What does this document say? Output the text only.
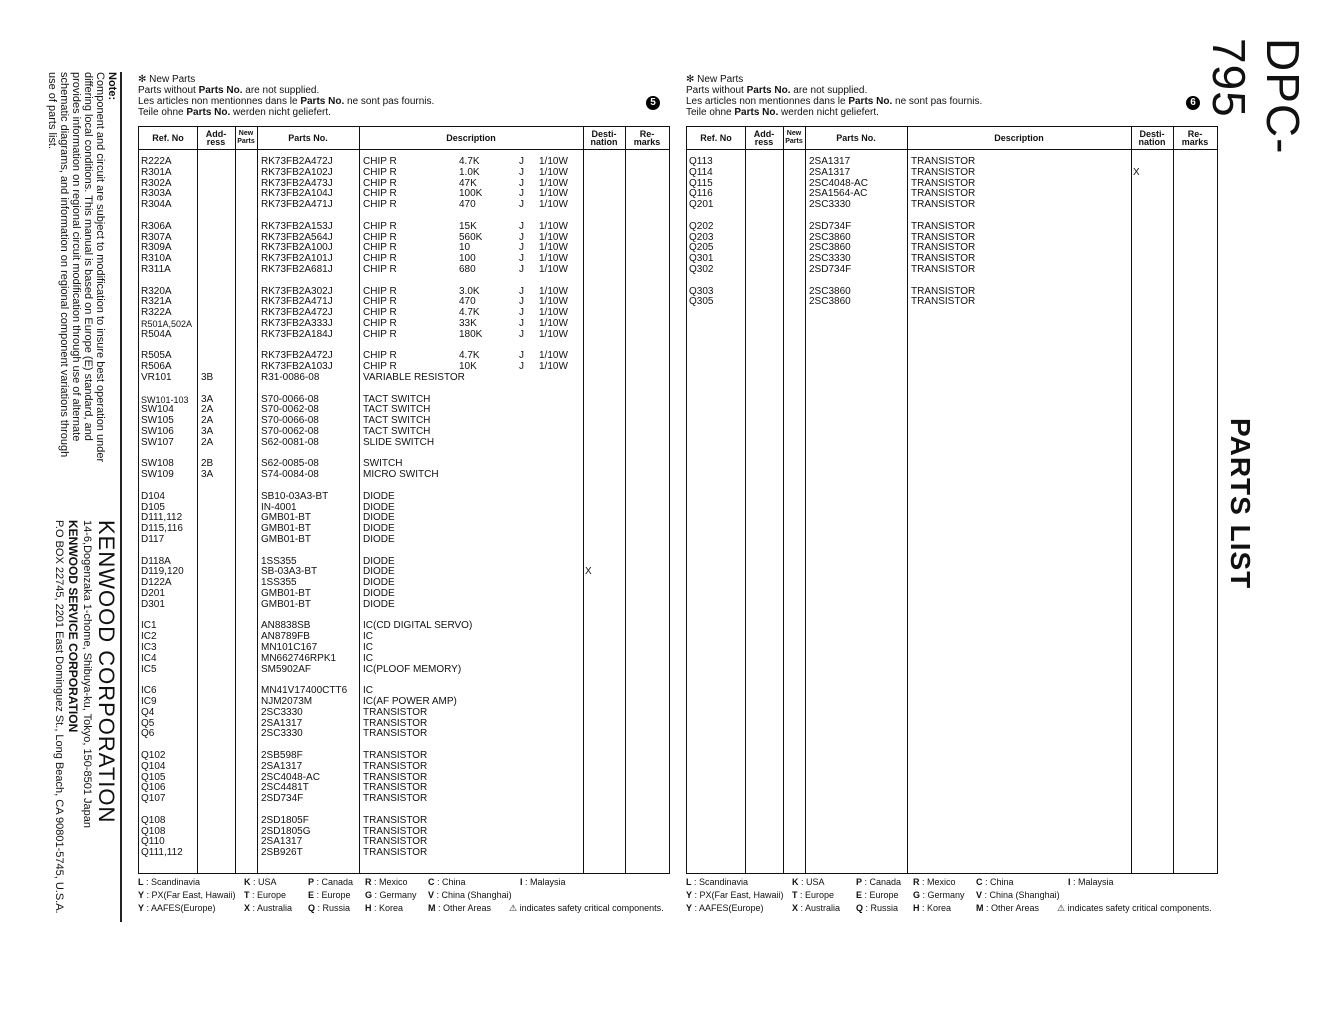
Note:
Component and circuit are subject to modification to insure best operation under differing local conditions. This manual is based on Europe (E) standard, and provides information on regional circuit modification through use of alternate schematic diagrams, and information on regional component variations through use of parts list.
KENWOOD CORPORATION
14-6,Dogenzaka 1-chome, Shibuya-ku, Tokyo, 150-8501 Japan
KENWOOD SERVICE CORPORATION
P.O BOX 22745, 2201 East Dominguez St., Long Beach, CA 90801-5745, U.S.A.
DPC-795
PARTS LIST
✻ New Parts
Parts without Parts No. are not supplied.
Les articles non mentionnes dans le Parts No. ne sont pas fournis.
Teile ohne Parts No. werden nicht geliefert.
5
Ref. No	Add-
ress
New
Parts	Parts No.	Description	Desti-
nation
Re-
marks
R222A	RK73FB2A472J	CHIP R	4.7K	J 1/10W
R301A	RK73FB2A102J	CHIP R	1.0K	J 1/10W
R302A	RK73FB2A473J	CHIP R	47K	J 1/10W
R303A	RK73FB2A104J	CHIP R	100K	J 1/10W
R304A	RK73FB2A471J	CHIP R	470	J 1/10W
R306A	RK73FB2A153J	CHIP R	15K	J 1/10W
R307A	RK73FB2A564J	CHIP R	560K	J 1/10W
R309A	RK73FB2A100J	CHIP R	10	J 1/10W
R310A	RK73FB2A101J	CHIP R	100	J 1/10W
R311A	RK73FB2A681J	CHIP R	680	J 1/10W
R320A	RK73FB2A302J	CHIP R	3.0K	J 1/10W
R321A	RK73FB2A471J	CHIP R	470	J 1/10W
R322A	RK73FB2A472J	CHIP R	4.7K	J 1/10W
R501A,502A	RK73FB2A333J	CHIP R	33K	J 1/10W
R504A	RK73FB2A184J	CHIP R	180K	J 1/10W
R505A	RK73FB2A472J	CHIP R	4.7K	J 1/10W
R506A	RK73FB2A103J	CHIP R	10K	J 1/10W
VR101	3B	R31-0086-08	VARIABLE RESISTOR
SW101-103 3A	S70-0066-08	TACT SWITCH
SW104	2A	S70-0062-08	TACT SWITCH
SW105	2A	S70-0066-08	TACT SWITCH
SW106	3A	S70-0062-08	TACT SWITCH
SW107	2A	S62-0081-08	SLIDE SWITCH
SW108	2B	S62-0085-08	SWITCH
SW109	3A	S74-0084-08	MICRO SWITCH
D104	SB10-03A3-BT	DIODE
D105	IN-4001	DIODE
D111,112	GMB01-BT	DIODE
D115,116	GMB01-BT	DIODE
D117	GMB01-BT	DIODE
D118A	1SS355	DIODE
D119,120	SB-03A3-BT	DIODE	X
D122A	1SS355	DIODE
D201	GMB01-BT	DIODE
D301	GMB01-BT	DIODE
IC1	AN8838SB	IC(CD DIGITAL SERVO)
IC2	AN8789FB	IC
IC3	MN101C167	IC
IC4	MN662746RPK1	IC
IC5	SM5902AF	IC(PLOOF MEMORY)
IC6	MN41V17400CTT6 IC
IC9	NJM2073M	IC(AF POWER AMP)
Q4	2SC3330	TRANSISTOR
Q5	2SA1317	TRANSISTOR
Q6	2SC3330	TRANSISTOR
Q102	2SB598F	TRANSISTOR
Q104	2SA1317	TRANSISTOR
Q105	2SC4048-AC	TRANSISTOR
Q106	2SC4481T	TRANSISTOR
Q107	2SD734F	TRANSISTOR
Q108	2SD1805F	TRANSISTOR
Q108	2SD1805G	TRANSISTOR
Q110	2SA1317	TRANSISTOR
Q111,112	2SB926T	TRANSISTOR
L : Scandinavia	K : USA	P : Canada R : Mexico C : China	I : Malaysia
Y : PX(Far East, Hawaii) T : Europe E : Europe G : Germany V : China (Shanghai)
Y : AAFES(Europe)	X : Australia Q : Russia H : Korea	M : Other Areas ⚠ indicates safety critical components.
✻ New Parts
Parts without Parts No. are not supplied.
Les articles non mentionnes dans le Parts No. ne sont pas fournis.
Teile ohne Parts No. werden nicht geliefert.
6
Ref. No	Add-
ress
New
Parts	Parts No.	Description	Desti-
nation
Re-
marks
Q113	2SA1317	TRANSISTOR
Q114	2SA1317	TRANSISTOR	X
Q115	2SC4048-AC	TRANSISTOR
Q116	2SA1564-AC	TRANSISTOR
Q201	2SC3330	TRANSISTOR
Q202	2SD734F	TRANSISTOR
Q203	2SC3860	TRANSISTOR
Q205	2SC3860	TRANSISTOR
Q301	2SC3330	TRANSISTOR
Q302	2SD734F	TRANSISTOR
Q303	2SC3860	TRANSISTOR
Q305	2SC3860	TRANSISTOR
L : Scandinavia	K : USA	P : Canada R : Mexico C : China	I : Malaysia
Y : PX(Far East, Hawaii) T : Europe E : Europe G : Germany V : China (Shanghai)
Y : AAFES(Europe)	X : Australia Q : Russia H : Korea	M : Other Areas ⚠ indicates safety critical components.
